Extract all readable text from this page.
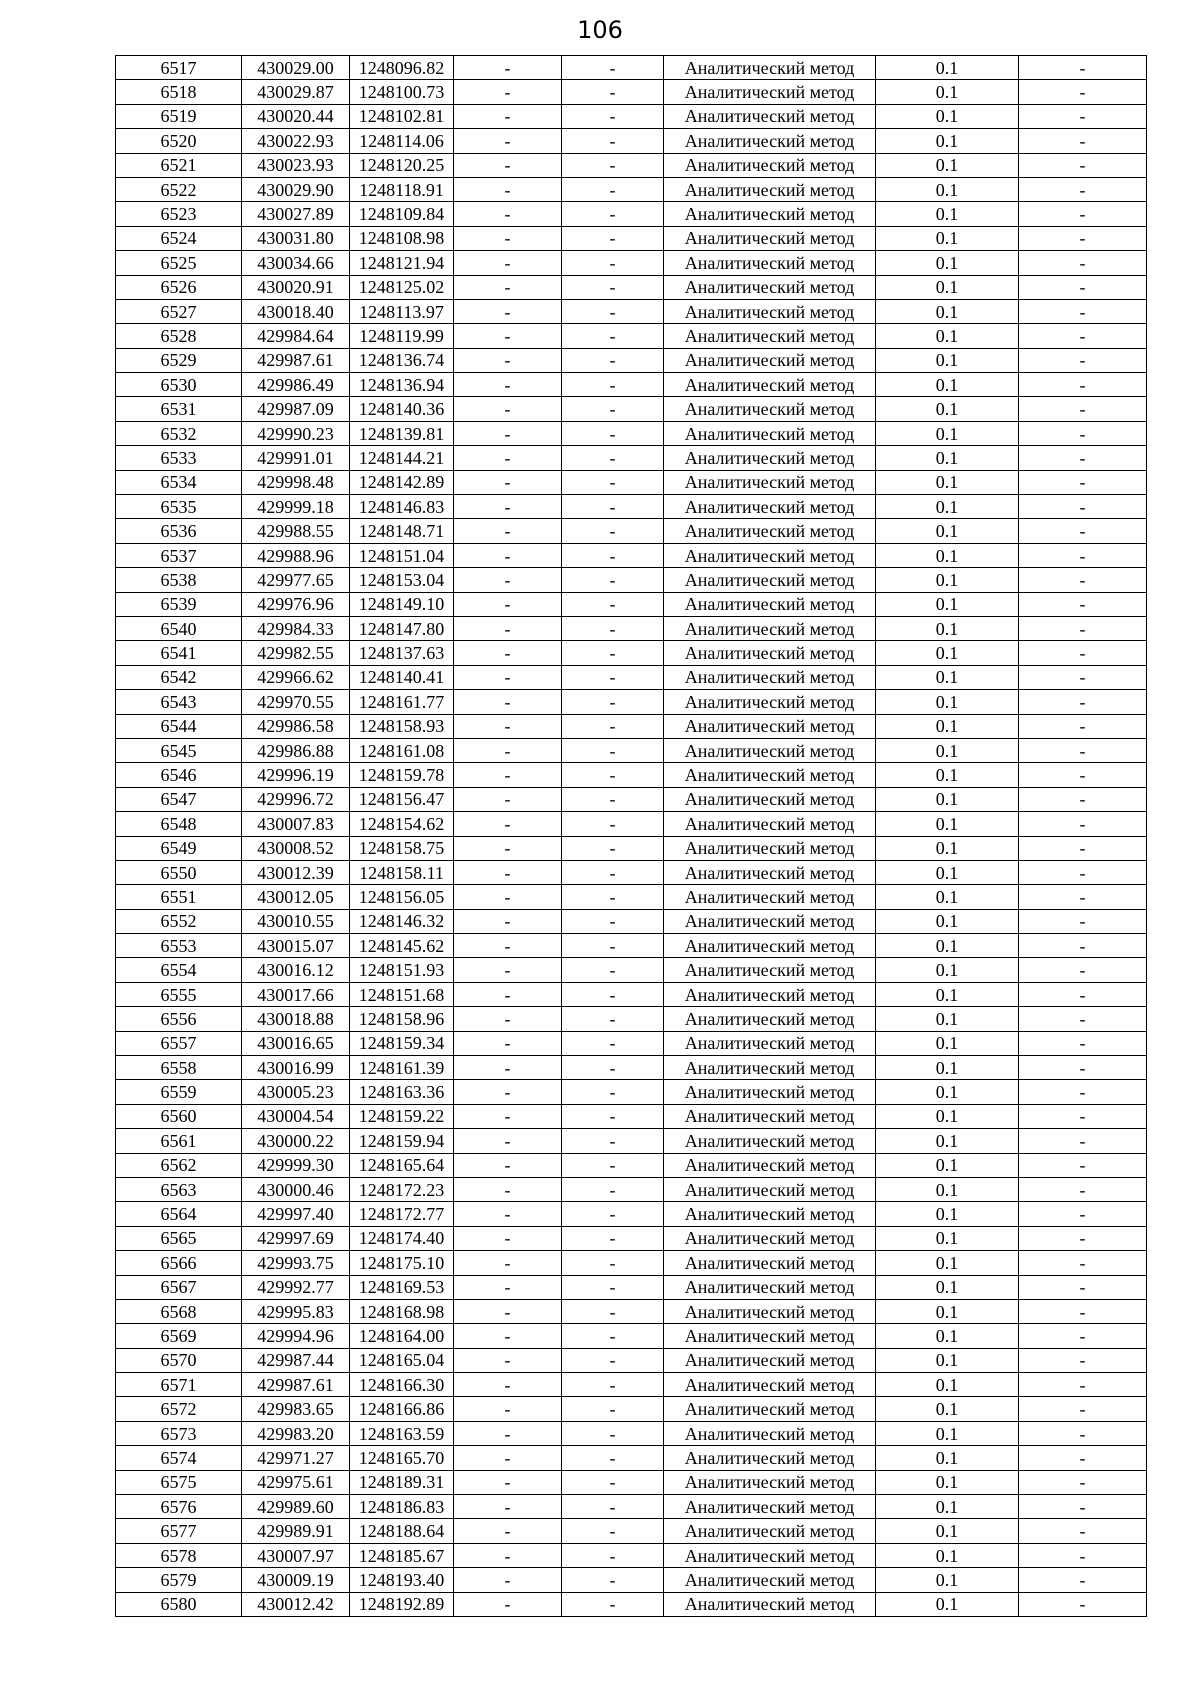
106
6517	430029.00	1248096.82	-	-	Аналитический метод	0.1	-
6518	430029.87	1248100.73	-	-	Аналитический метод	0.1	-
6519	430020.44	1248102.81	-	-	Аналитический метод	0.1	-
6520	430022.93	1248114.06	-	-	Аналитический метод	0.1	-
6521	430023.93	1248120.25	-	-	Аналитический метод	0.1	-
6522	430029.90	1248118.91	-	-	Аналитический метод	0.1	-
6523	430027.89	1248109.84	-	-	Аналитический метод	0.1	-
6524	430031.80	1248108.98	-	-	Аналитический метод	0.1	-
6525	430034.66	1248121.94	-	-	Аналитический метод	0.1	-
6526	430020.91	1248125.02	-	-	Аналитический метод	0.1	-
6527	430018.40	1248113.97	-	-	Аналитический метод	0.1	-
6528	429984.64	1248119.99	-	-	Аналитический метод	0.1	-
6529	429987.61	1248136.74	-	-	Аналитический метод	0.1	-
6530	429986.49	1248136.94	-	-	Аналитический метод	0.1	-
6531	429987.09	1248140.36	-	-	Аналитический метод	0.1	-
6532	429990.23	1248139.81	-	-	Аналитический метод	0.1	-
6533	429991.01	1248144.21	-	-	Аналитический метод	0.1	-
6534	429998.48	1248142.89	-	-	Аналитический метод	0.1	-
6535	429999.18	1248146.83	-	-	Аналитический метод	0.1	-
6536	429988.55	1248148.71	-	-	Аналитический метод	0.1	-
6537	429988.96	1248151.04	-	-	Аналитический метод	0.1	-
6538	429977.65	1248153.04	-	-	Аналитический метод	0.1	-
6539	429976.96	1248149.10	-	-	Аналитический метод	0.1	-
6540	429984.33	1248147.80	-	-	Аналитический метод	0.1	-
6541	429982.55	1248137.63	-	-	Аналитический метод	0.1	-
6542	429966.62	1248140.41	-	-	Аналитический метод	0.1	-
6543	429970.55	1248161.77	-	-	Аналитический метод	0.1	-
6544	429986.58	1248158.93	-	-	Аналитический метод	0.1	-
6545	429986.88	1248161.08	-	-	Аналитический метод	0.1	-
6546	429996.19	1248159.78	-	-	Аналитический метод	0.1	-
6547	429996.72	1248156.47	-	-	Аналитический метод	0.1	-
6548	430007.83	1248154.62	-	-	Аналитический метод	0.1	-
6549	430008.52	1248158.75	-	-	Аналитический метод	0.1	-
6550	430012.39	1248158.11	-	-	Аналитический метод	0.1	-
6551	430012.05	1248156.05	-	-	Аналитический метод	0.1	-
6552	430010.55	1248146.32	-	-	Аналитический метод	0.1	-
6553	430015.07	1248145.62	-	-	Аналитический метод	0.1	-
6554	430016.12	1248151.93	-	-	Аналитический метод	0.1	-
6555	430017.66	1248151.68	-	-	Аналитический метод	0.1	-
6556	430018.88	1248158.96	-	-	Аналитический метод	0.1	-
6557	430016.65	1248159.34	-	-	Аналитический метод	0.1	-
6558	430016.99	1248161.39	-	-	Аналитический метод	0.1	-
6559	430005.23	1248163.36	-	-	Аналитический метод	0.1	-
6560	430004.54	1248159.22	-	-	Аналитический метод	0.1	-
6561	430000.22	1248159.94	-	-	Аналитический метод	0.1	-
6562	429999.30	1248165.64	-	-	Аналитический метод	0.1	-
6563	430000.46	1248172.23	-	-	Аналитический метод	0.1	-
6564	429997.40	1248172.77	-	-	Аналитический метод	0.1	-
6565	429997.69	1248174.40	-	-	Аналитический метод	0.1	-
6566	429993.75	1248175.10	-	-	Аналитический метод	0.1	-
6567	429992.77	1248169.53	-	-	Аналитический метод	0.1	-
6568	429995.83	1248168.98	-	-	Аналитический метод	0.1	-
6569	429994.96	1248164.00	-	-	Аналитический метод	0.1	-
6570	429987.44	1248165.04	-	-	Аналитический метод	0.1	-
6571	429987.61	1248166.30	-	-	Аналитический метод	0.1	-
6572	429983.65	1248166.86	-	-	Аналитический метод	0.1	-
6573	429983.20	1248163.59	-	-	Аналитический метод	0.1	-
6574	429971.27	1248165.70	-	-	Аналитический метод	0.1	-
6575	429975.61	1248189.31	-	-	Аналитический метод	0.1	-
6576	429989.60	1248186.83	-	-	Аналитический метод	0.1	-
6577	429989.91	1248188.64	-	-	Аналитический метод	0.1	-
6578	430007.97	1248185.67	-	-	Аналитический метод	0.1	-
6579	430009.19	1248193.40	-	-	Аналитический метод	0.1	-
6580	430012.42	1248192.89	-	-	Аналитический метод	0.1	-
